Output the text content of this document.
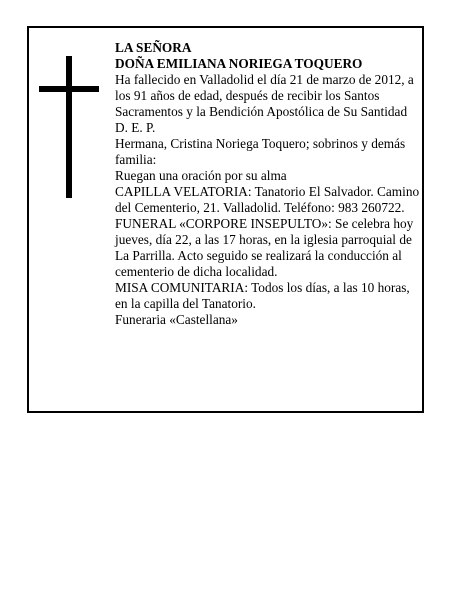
LA SEÑORA

DOÑA EMILIANA NORIEGA TOQUERO

Ha fallecido en Valladolid el día 21 de marzo de 2012, a los 91 años de edad, después de recibir los Santos Sacramentos y la Bendición Apostólica de Su Santidad D. E. P.

Hermana, Cristina Noriega Toquero; sobrinos y demás familia:

Ruegan una oración por su alma

CAPILLA VELATORIA: Tanatorio El Salvador. Camino del Cementerio, 21. Valladolid. Teléfono: 983 260722.

FUNERAL «CORPORE INSEPULTO»: Se celebra hoy jueves, día 22, a las 17 horas, en la iglesia parroquial de La Parrilla. Acto seguido se realizará la conducción al cementerio de dicha localidad.

MISA COMUNITARIA: Todos los días, a las 10 horas, en la capilla del Tanatorio.

Funeraria «Castellana»
